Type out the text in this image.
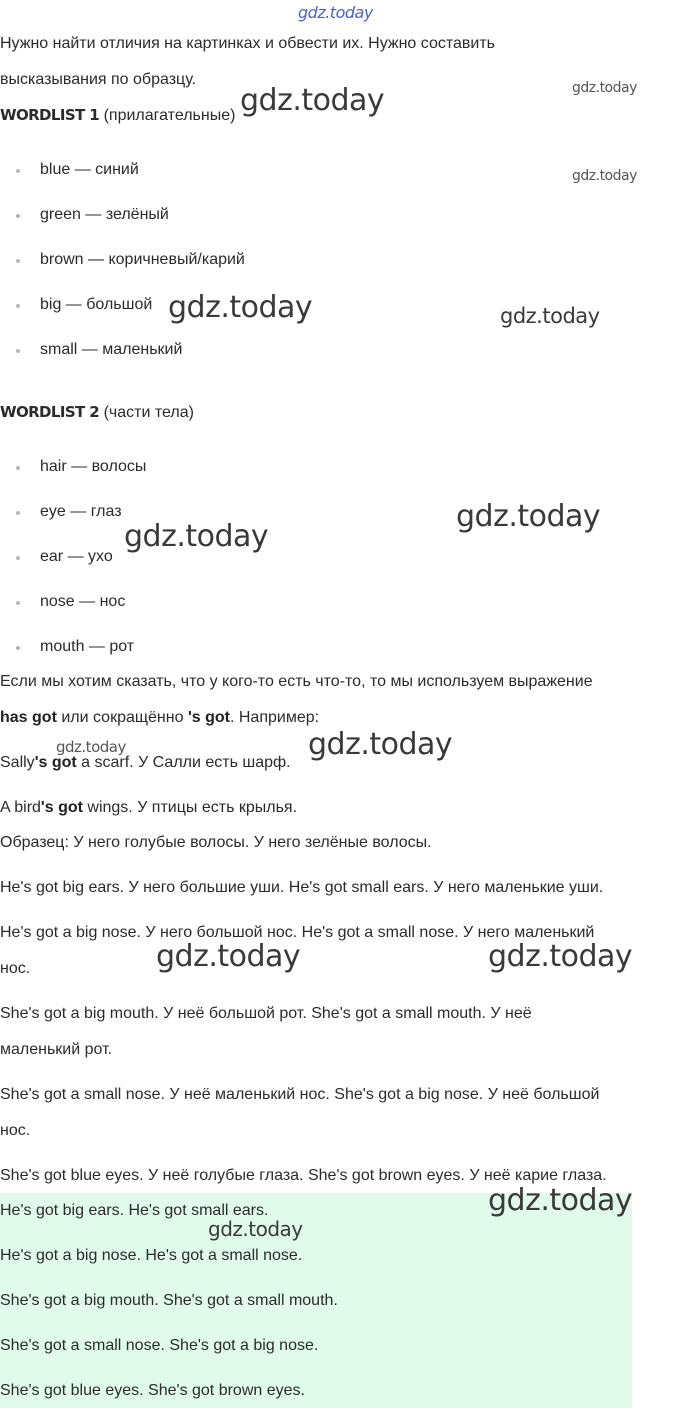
gdz.today

Нужно найти отличия на картинках и обвести их. Нужно составить

высказывания по образцу.

WORDLIST 1 (прилагательные)

blue — синий
green — зелёный
brown — коричневый/карий
big — большой
small — маленький

WORDLIST 2 (части тела)

hair — волосы
eye — глаз
ear — ухо
nose — нос
mouth — рот

Если мы хотим сказать, что у кого-то есть что-то, то мы используем выражение

has got или сокращённо 's got. Например:

Sally's got a scarf. У Салли есть шарф.

A bird's got wings. У птицы есть крылья.

Образец: У него голубые волосы. У него зелёные волосы.

He's got big ears. У него большие уши. He's got small ears. У него маленькие уши.

He's got a big nose. У него большой нос. He's got a small nose. У него маленький

нос.

She's got a big mouth. У неё большой рот. She's got a small mouth. У неё

маленький рот.

She's got a small nose. У неё маленький нос. She's got a big nose. У неё большой

нос.

She's got blue eyes. У неё голубые глаза. She's got brown eyes. У неё карие глаза.

He's got big ears. He's got small ears.

He's got a big nose. He's got a small nose.

She's got a big mouth. She's got a small mouth.

She's got a small nose. She's got a big nose.

She's got blue eyes. She's got brown eyes.

gdz.today	gdz.today
gdz.today
gdz.today	gdz.today
gdz.today
gdz.today
gdz.today	gdz.today
gdz.today	gdz.today
gdz.today
gdz.today
